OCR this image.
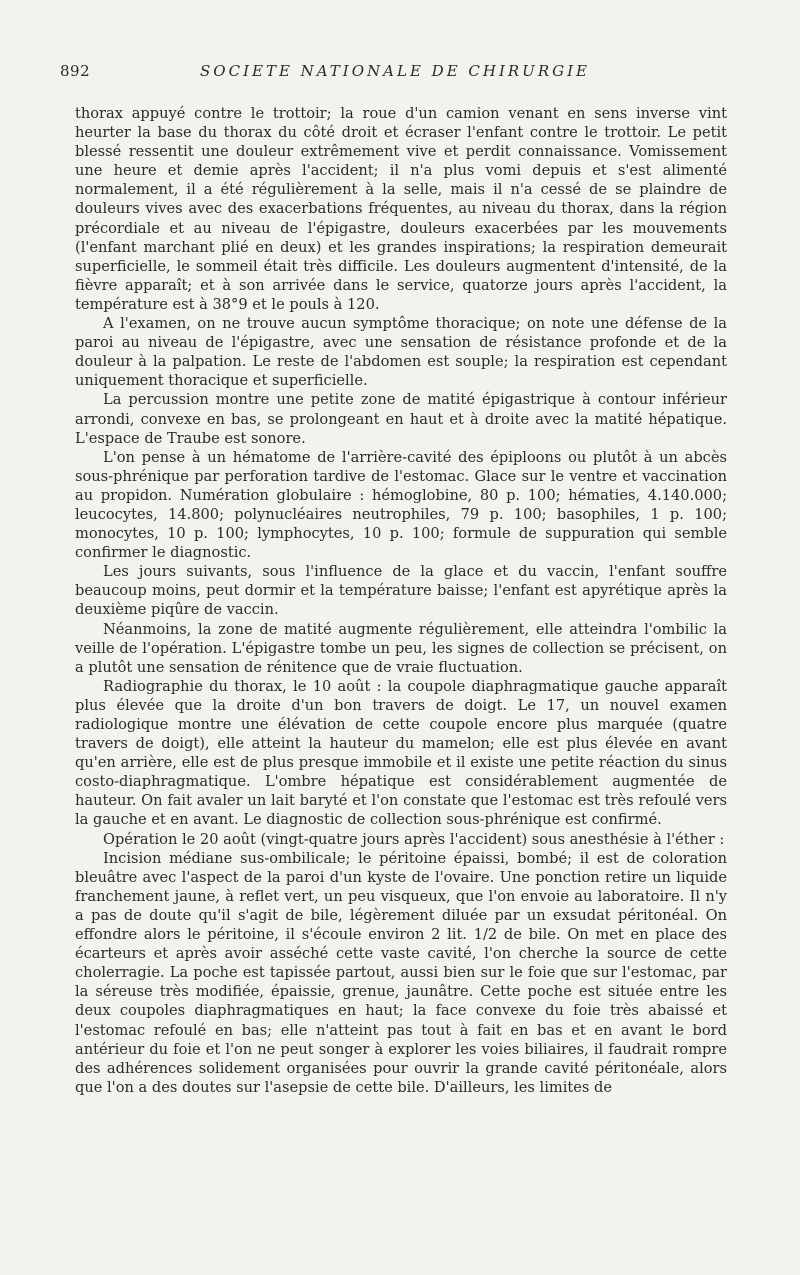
892	SOCIETE NATIONALE DE CHIRURGIE

thorax appuyé contre le trottoir; la roue d'un camion venant en sens inverse vint heurter la base du thorax du côté droit et écraser l'enfant contre le trottoir. Le petit blessé ressentit une douleur extrêmement vive et perdit connaissance. Vomissement une heure et demie après l'accident; il n'a plus vomi depuis et s'est alimenté normalement, il a été régulièrement à la selle, mais il n'a cessé de se plaindre de douleurs vives avec des exacerbations fréquentes, au niveau du thorax, dans la région précordiale et au niveau de l'épigastre, douleurs exacerbées par les mouvements (l'enfant marchant plié en deux) et les grandes inspirations; la respiration demeurait superficielle, le sommeil était très difficile. Les douleurs augmentent d'intensité, de la fièvre apparaît; et à son arrivée dans le service, quatorze jours après l'accident, la température est à 38°9 et le pouls à 120.

A l'examen, on ne trouve aucun symptôme thoracique; on note une défense de la paroi au niveau de l'épigastre, avec une sensation de résistance profonde et de la douleur à la palpation. Le reste de l'abdomen est souple; la respiration est cependant uniquement thoracique et superficielle.

La percussion montre une petite zone de matité épigastrique à contour inférieur arrondi, convexe en bas, se prolongeant en haut et à droite avec la matité hépatique. L'espace de Traube est sonore.

L'on pense à un hématome de l'arrière-cavité des épiploons ou plutôt à un abcès sous-phrénique par perforation tardive de l'estomac. Glace sur le ventre et vaccination au propidon. Numération globulaire : hémoglobine, 80 p. 100; hématies, 4.140.000; leucocytes, 14.800; polynucléaires neutrophiles, 79 p. 100; basophiles, 1 p. 100; monocytes, 10 p. 100; lymphocytes, 10 p. 100; formule de suppuration qui semble confirmer le diagnostic.

Les jours suivants, sous l'influence de la glace et du vaccin, l'enfant souffre beaucoup moins, peut dormir et la température baisse; l'enfant est apyrétique après la deuxième piqûre de vaccin.

Néanmoins, la zone de matité augmente régulièrement, elle atteindra l'ombilic la veille de l'opération. L'épigastre tombe un peu, les signes de collection se précisent, on a plutôt une sensation de rénitence que de vraie fluctuation.

Radiographie du thorax, le 10 août : la coupole diaphragmatique gauche apparaît plus élevée que la droite d'un bon travers de doigt. Le 17, un nouvel examen radiologique montre une élévation de cette coupole encore plus marquée (quatre travers de doigt), elle atteint la hauteur du mamelon; elle est plus élevée en avant qu'en arrière, elle est de plus presque immobile et il existe une petite réaction du sinus costo-diaphragmatique. L'ombre hépatique est considérablement augmentée de hauteur. On fait avaler un lait baryté et l'on constate que l'estomac est très refoulé vers la gauche et en avant. Le diagnostic de collection sous-phrénique est confirmé.

Opération le 20 août (vingt-quatre jours après l'accident) sous anesthésie à l'éther :

Incision médiane sus-ombilicale; le péritoine épaissi, bombé; il est de coloration bleuâtre avec l'aspect de la paroi d'un kyste de l'ovaire. Une ponction retire un liquide franchement jaune, à reflet vert, un peu visqueux, que l'on envoie au laboratoire. Il n'y a pas de doute qu'il s'agit de bile, légèrement diluée par un exsudat péritonéal. On effondre alors le péritoine, il s'écoule environ 2 lit. 1/2 de bile. On met en place des écarteurs et après avoir asséché cette vaste cavité, l'on cherche la source de cette cholerragie. La poche est tapissée partout, aussi bien sur le foie que sur l'estomac, par la séreuse très modifiée, épaissie, grenue, jaunâtre. Cette poche est située entre les deux coupoles diaphragmatiques en haut; la face convexe du foie très abaissé et l'estomac refoulé en bas; elle n'atteint pas tout à fait en bas et en avant le bord antérieur du foie et l'on ne peut songer à explorer les voies biliaires, il faudrait rompre des adhérences solidement organisées pour ouvrir la grande cavité péritonéale, alors que l'on a des doutes sur l'asepsie de cette bile. D'ailleurs, les limites de
